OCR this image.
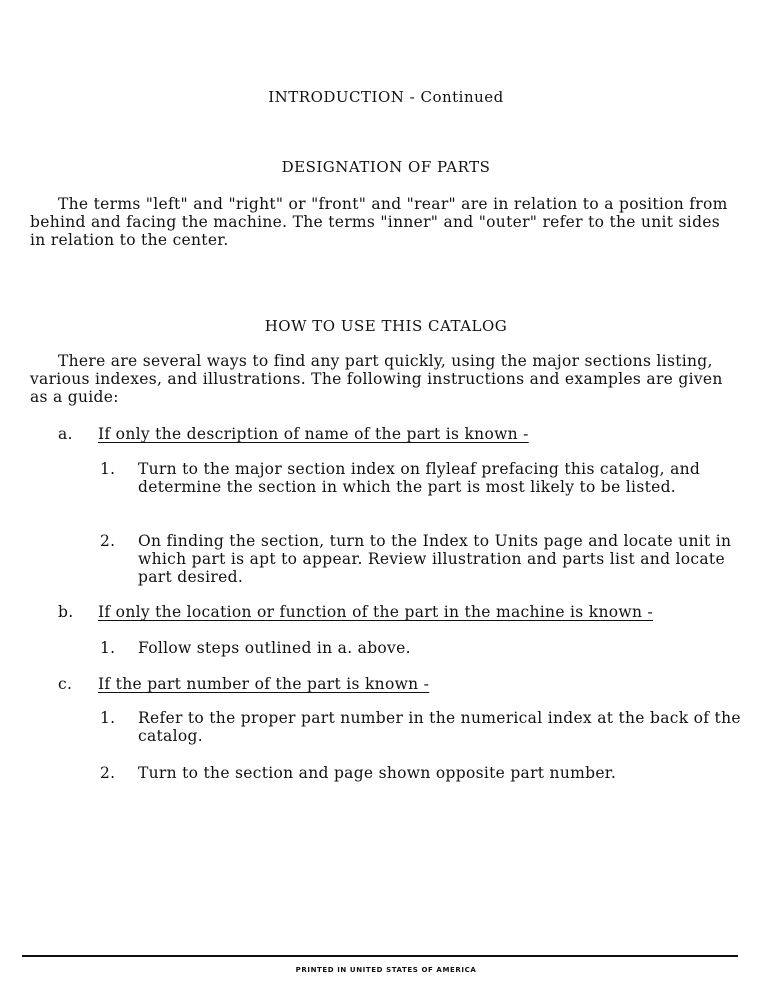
INTRODUCTION - Continued
DESIGNATION OF PARTS
The terms "left" and "right" or "front" and "rear" are in relation to a position from behind and facing the machine. The terms "inner" and "outer" refer to the unit sides in relation to the center.
HOW TO USE THIS CATALOG
There are several ways to find any part quickly, using the major sections listing, various indexes, and illustrations. The following instructions and examples are given as a guide:
a. If only the description of name of the part is known -
1. Turn to the major section index on flyleaf prefacing this catalog, and determine the section in which the part is most likely to be listed.
2. On finding the section, turn to the Index to Units page and locate unit in which part is apt to appear. Review illustration and parts list and locate part desired.
b. If only the location or function of the part in the machine is known -
1. Follow steps outlined in a. above.
c. If the part number of the part is known -
1. Refer to the proper part number in the numerical index at the back of the catalog.
2. Turn to the section and page shown opposite part number.
PRINTED IN UNITED STATES OF AMERICA
